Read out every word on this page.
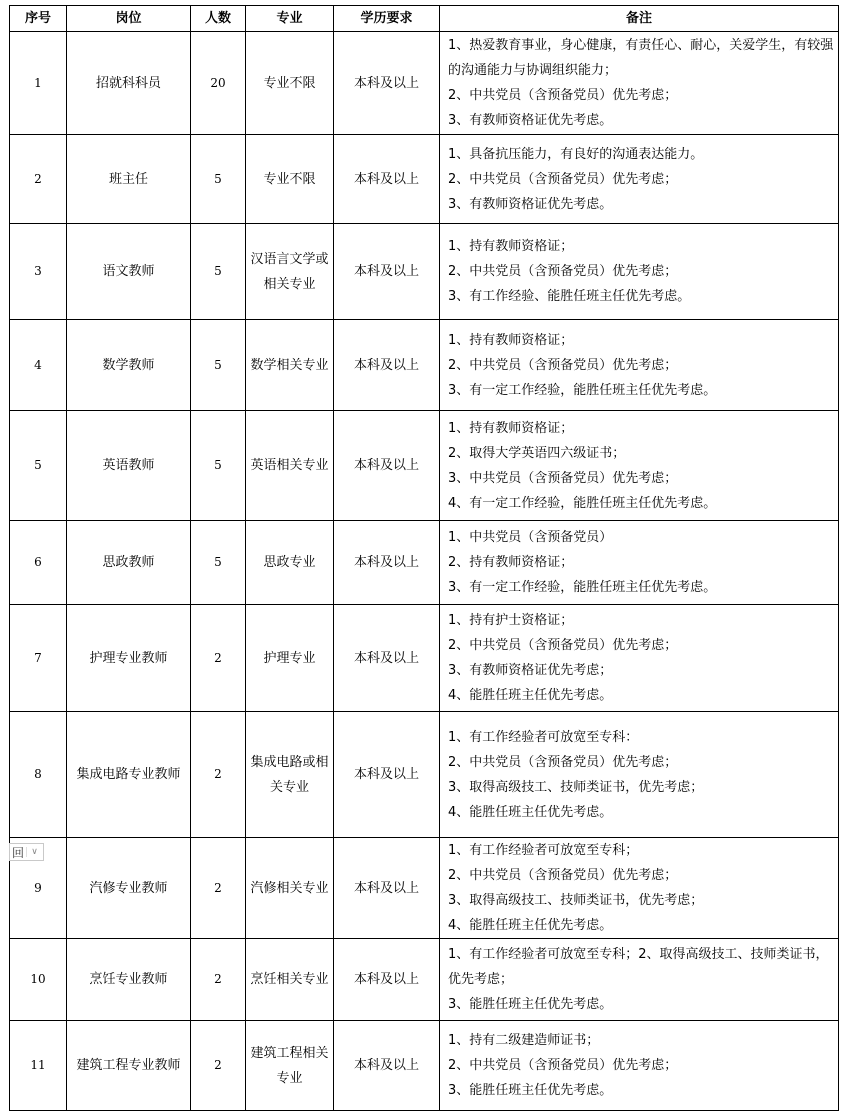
序号	岗位	人数	专业	学历要求	备注
1	招就科科员	20	专业不限	本科及以上	1、热爱教育事业，身心健康，有责任心、耐心，关爱学生，有较强的沟通能力与协调组织能力；
2、中共党员（含预备党员）优先考虑；
3、有教师资格证优先考虑。

2	班主任	5	专业不限	本科及以上	1、具备抗压能力，有良好的沟通表达能力。
2、中共党员（含预备党员）优先考虑；
3、有教师资格证优先考虑。

3	语文教师	5	汉语言文学或相关专业	本科及以上	1、持有教师资格证；
2、中共党员（含预备党员）优先考虑；
3、有工作经验、能胜任班主任优先考虑。

4	数学教师	5	数学相关专业	本科及以上	1、持有教师资格证；
2、中共党员（含预备党员）优先考虑；
3、有一定工作经验，能胜任班主任优先考虑。

5	英语教师	5	英语相关专业	本科及以上	1、持有教师资格证；
2、取得大学英语四六级证书；
3、中共党员（含预备党员）优先考虑；
4、有一定工作经验，能胜任班主任优先考虑。

6	思政教师	5	思政专业	本科及以上	1、中共党员（含预备党员）
2、持有教师资格证；
3、有一定工作经验，能胜任班主任优先考虑。

7	护理专业教师	2	护理专业	本科及以上	1、持有护士资格证；
2、中共党员（含预备党员）优先考虑；
3、有教师资格证优先考虑；
4、能胜任班主任优先考虑。

8	集成电路专业教师	2	集成电路或相关专业	本科及以上	1、有工作经验者可放宽至专科：
2、中共党员（含预备党员）优先考虑；
3、取得高级技工、技师类证书，优先考虑；
4、能胜任班主任优先考虑。

9	汽修专业教师	2	汽修相关专业	本科及以上	1、有工作经验者可放宽至专科；
2、中共党员（含预备党员）优先考虑；
3、取得高级技工、技师类证书，优先考虑；
4、能胜任班主任优先考虑。

10	烹饪专业教师	2	烹饪相关专业	本科及以上	1、有工作经验者可放宽至专科；2、取得高级技工、技师类证书，优先考虑；
3、能胜任班主任优先考虑。

11	建筑工程专业教师	2	建筑工程相关专业	本科及以上	1、持有二级建造师证书；
2、中共党员（含预备党员）优先考虑；
3、能胜任班主任优先考虑。
回 ∨
